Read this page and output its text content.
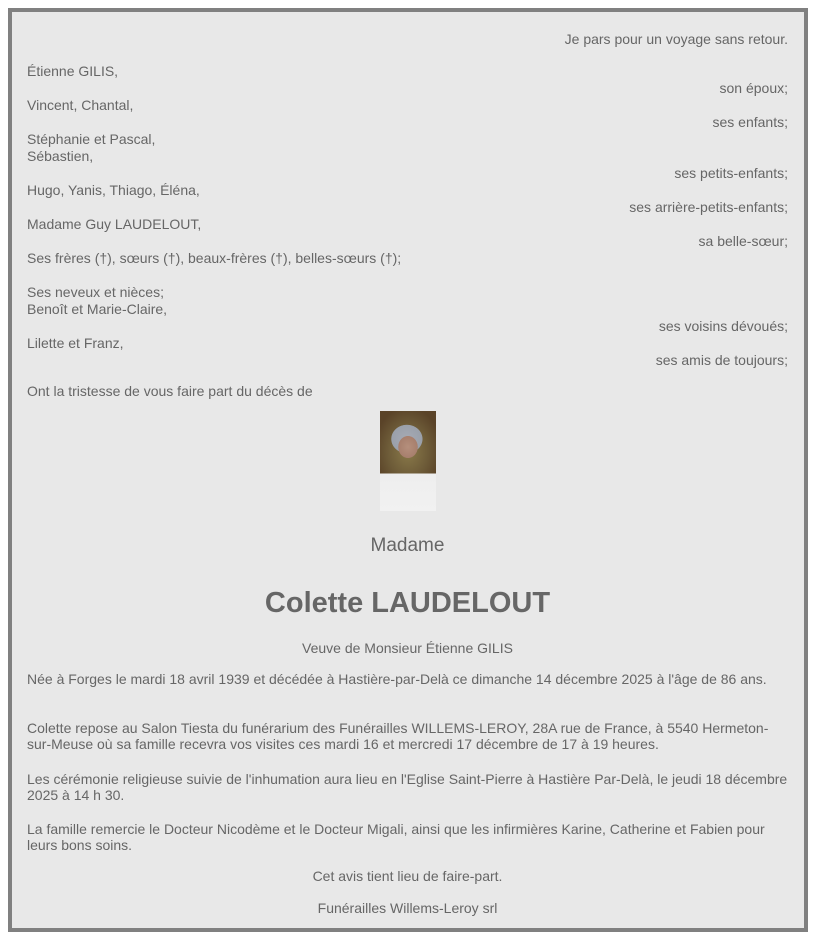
Je pars pour un voyage sans retour.
Étienne GILIS,
son époux;
Vincent, Chantal,
ses enfants;
Stéphanie et Pascal,
Sébastien,
ses petits-enfants;
Hugo, Yanis, Thiago, Éléna,
ses arrière-petits-enfants;
Madame Guy LAUDELOUT,
sa belle-sœur;
Ses frères (†), sœurs (†), beaux-frères (†), belles-sœurs (†);
Ses neveux et nièces;
Benoît et Marie-Claire,
ses voisins dévoués;
Lilette et Franz,
ses amis de toujours;
Ont la tristesse de vous faire part du décès de
Madame
Colette LAUDELOUT
Veuve de Monsieur Étienne GILIS
Née à Forges le mardi 18 avril 1939 et décédée à Hastière-par-Delà ce dimanche 14 décembre 2025 à l'âge de 86 ans.
Colette repose au Salon Tiesta du funérarium des Funérailles WILLEMS-LEROY, 28A rue de France, à 5540 Hermeton-sur-Meuse où sa famille recevra vos visites ces mardi 16 et mercredi 17 décembre de 17 à 19 heures.
Les cérémonie religieuse suivie de l'inhumation aura lieu en l'Eglise Saint-Pierre à Hastière Par-Delà, le jeudi 18 décembre 2025 à 14 h 30.
La famille remercie le Docteur Nicodème et le Docteur Migali, ainsi que les infirmières Karine, Catherine et Fabien pour leurs bons soins.
Cet avis tient lieu de faire-part.
Funérailles Willems-Leroy srl
